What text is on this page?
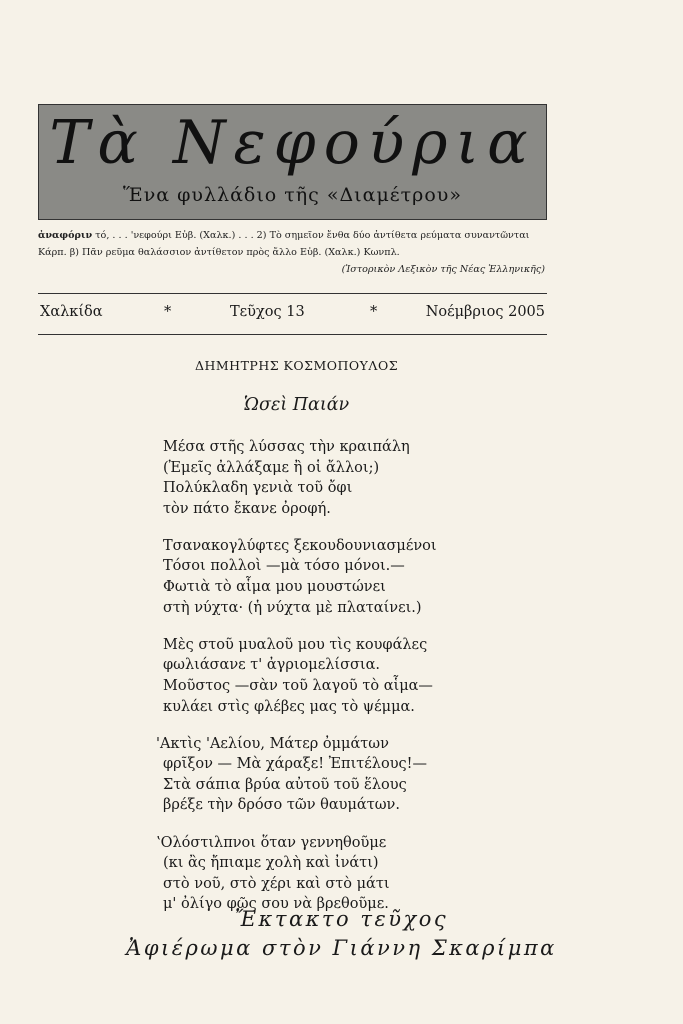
Τὰ Νεφούρια
Ἕνα φυλλάδιο τῆς «Διαμέτρου»
ἀναφόριν τό, . . . 'νεφούρι Εὐβ. (Χαλκ.) . . . 2) Τὸ σημεῖον ἔνθα δύο ἀντίθετα ρεύματα συναντῶνται
Κάρπ. β) Πᾶν ρεῦμα θαλάσσιον ἀντίθετον πρὸς ἄλλο Εὐβ. (Χαλκ.) Κωνπλ.
(Ἱστορικὸν Λεξικὸν τῆς Νέας Ἑλληνικῆς)
Χαλκίδα	*	Τεῦχος 13	*	Νοέμβριος 2005
ΔΗΜΗΤΡΗΣ ΚΟΣΜΟΠΟΥΛΟΣ
Ὡσεὶ Παιάν
Μέσα στῆς λύσσας τὴν κραιπάλη
(Ἐμεῖς ἀλλάξαμε ἢ οἱ ἄλλοι;)
Πολύκλαδη γενιὰ τοῦ ὄφι
τὸν πάτο ἔκανε ὀροφή.
Τσανακογλύφτες ξεκουδουνιασμένοι
Τόσοι πολλοὶ —μὰ τόσο μόνοι.—
Φωτιὰ τὸ αἷμα μου μουστώνει
στὴ νύχτα· (ἡ νύχτα μὲ πλαταίνει.)
Μὲς στοῦ μυαλοῦ μου τὶς κουφάλες
φωλιάσανε τ' ἀγριομελίσσια.
Μοῦστος —σὰν τοῦ λαγοῦ τὸ αἷμα—
κυλάει στὶς φλέβες μας τὸ ψέμμα.
'Ακτὶς 'Αελίου, Μάτερ ὀμμάτων
φρῖξον — Μὰ χάραξε! Ἐπιτέλους!—
Στὰ σάπια βρύα αὐτοῦ τοῦ ἕλους
βρέξε τὴν δρόσο τῶν θαυμάτων.
ʽΟλόστιλπνοι ὅταν γεννηθοῦμε
(κι ἂς ἤπιαμε χολὴ καὶ ἰνάτι)
στὸ νοῦ, στὸ χέρι καὶ στὸ μάτι
μ' ὀλίγο φῶς σου νὰ βρεθοῦμε.
Ἔκτακτο τεῦχος
Ἀφιέρωμα στὸν Γιάννη Σκαρίμπα
